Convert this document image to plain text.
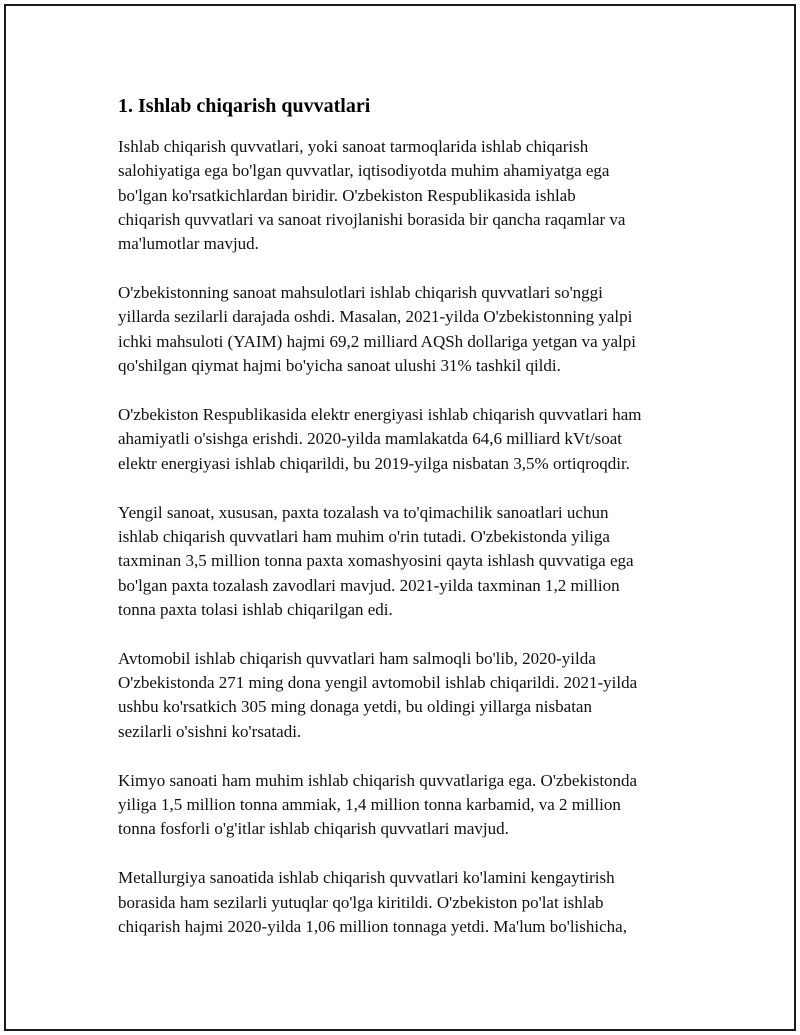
1. Ishlab chiqarish quvvatlari

Ishlab chiqarish quvvatlari, yoki sanoat tarmoqlarida ishlab chiqarish
salohiyatiga ega bo'lgan quvvatlar, iqtisodiyotda muhim ahamiyatga ega
bo'lgan ko'rsatkichlardan biridir. O'zbekiston Respublikasida ishlab
chiqarish quvvatlari va sanoat rivojlanishi borasida bir qancha raqamlar va
ma'lumotlar mavjud.

O'zbekistonning sanoat mahsulotlari ishlab chiqarish quvvatlari so'nggi
yillarda sezilarli darajada oshdi. Masalan, 2021-yilda O'zbekistonning yalpi
ichki mahsuloti (YAIM) hajmi 69,2 milliard AQSh dollariga yetgan va yalpi
qo'shilgan qiymat hajmi bo'yicha sanoat ulushi 31% tashkil qildi.

O'zbekiston Respublikasida elektr energiyasi ishlab chiqarish quvvatlari ham
ahamiyatli o'sishga erishdi. 2020-yilda mamlakatda 64,6 milliard kVt/soat
elektr energiyasi ishlab chiqarildi, bu 2019-yilga nisbatan 3,5% ortiqroqdir.

Yengil sanoat, xususan, paxta tozalash va to'qimachilik sanoatlari uchun
ishlab chiqarish quvvatlari ham muhim o'rin tutadi. O'zbekistonda yiliga
taxminan 3,5 million tonna paxta xomashyosini qayta ishlash quvvatiga ega
bo'lgan paxta tozalash zavodlari mavjud. 2021-yilda taxminan 1,2 million
tonna paxta tolasi ishlab chiqarilgan edi.

Avtomobil ishlab chiqarish quvvatlari ham salmoqli bo'lib, 2020-yilda
O'zbekistonda 271 ming dona yengil avtomobil ishlab chiqarildi. 2021-yilda
ushbu ko'rsatkich 305 ming donaga yetdi, bu oldingi yillarga nisbatan
sezilarli o'sishni ko'rsatadi.

Kimyo sanoati ham muhim ishlab chiqarish quvvatlariga ega. O'zbekistonda
yiliga 1,5 million tonna ammiak, 1,4 million tonna karbamid, va 2 million
tonna fosforli o'g'itlar ishlab chiqarish quvvatlari mavjud.

Metallurgiya sanoatida ishlab chiqarish quvvatlari ko'lamini kengaytirish
borasida ham sezilarli yutuqlar qo'lga kiritildi. O'zbekiston po'lat ishlab
chiqarish hajmi 2020-yilda 1,06 million tonnaga yetdi. Ma'lum bo'lishicha,
